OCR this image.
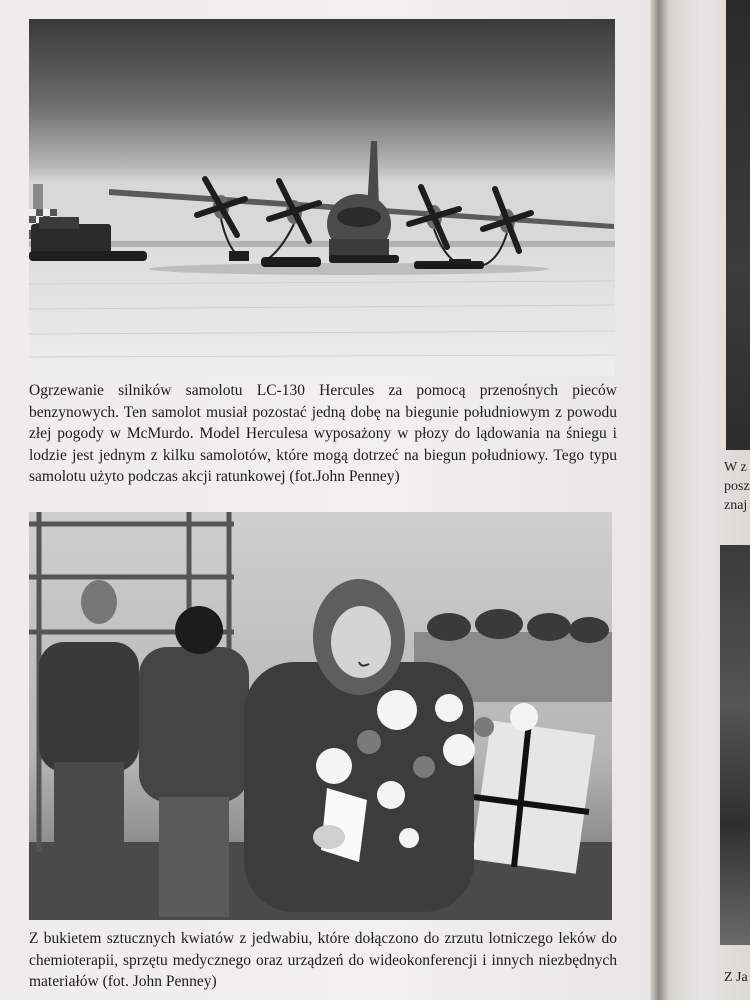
Ogrzewanie silników samolotu LC-130 Hercules za pomocą przenośnych pieców benzynowych. Ten samolot musiał pozostać jedną dobę na biegunie południowym z powodu złej pogody w McMurdo. Model Herculesa wyposażony w płozy do lądowania na śniegu i lodzie jest jednym z kilku samolotów, które mogą dotrzeć na biegun południowy. Tego typu samolotu użyto podczas akcji ratunkowej (fot.John Penney)

Z bukietem sztucznych kwiatów z jedwabiu, które dołączono do zrzutu lotniczego leków do chemioterapii, sprzętu medycznego oraz urządzeń do wideokonferencji i innych niezbędnych materiałów (fot. John Penney)

W z
posz
znaj
Z Ja
